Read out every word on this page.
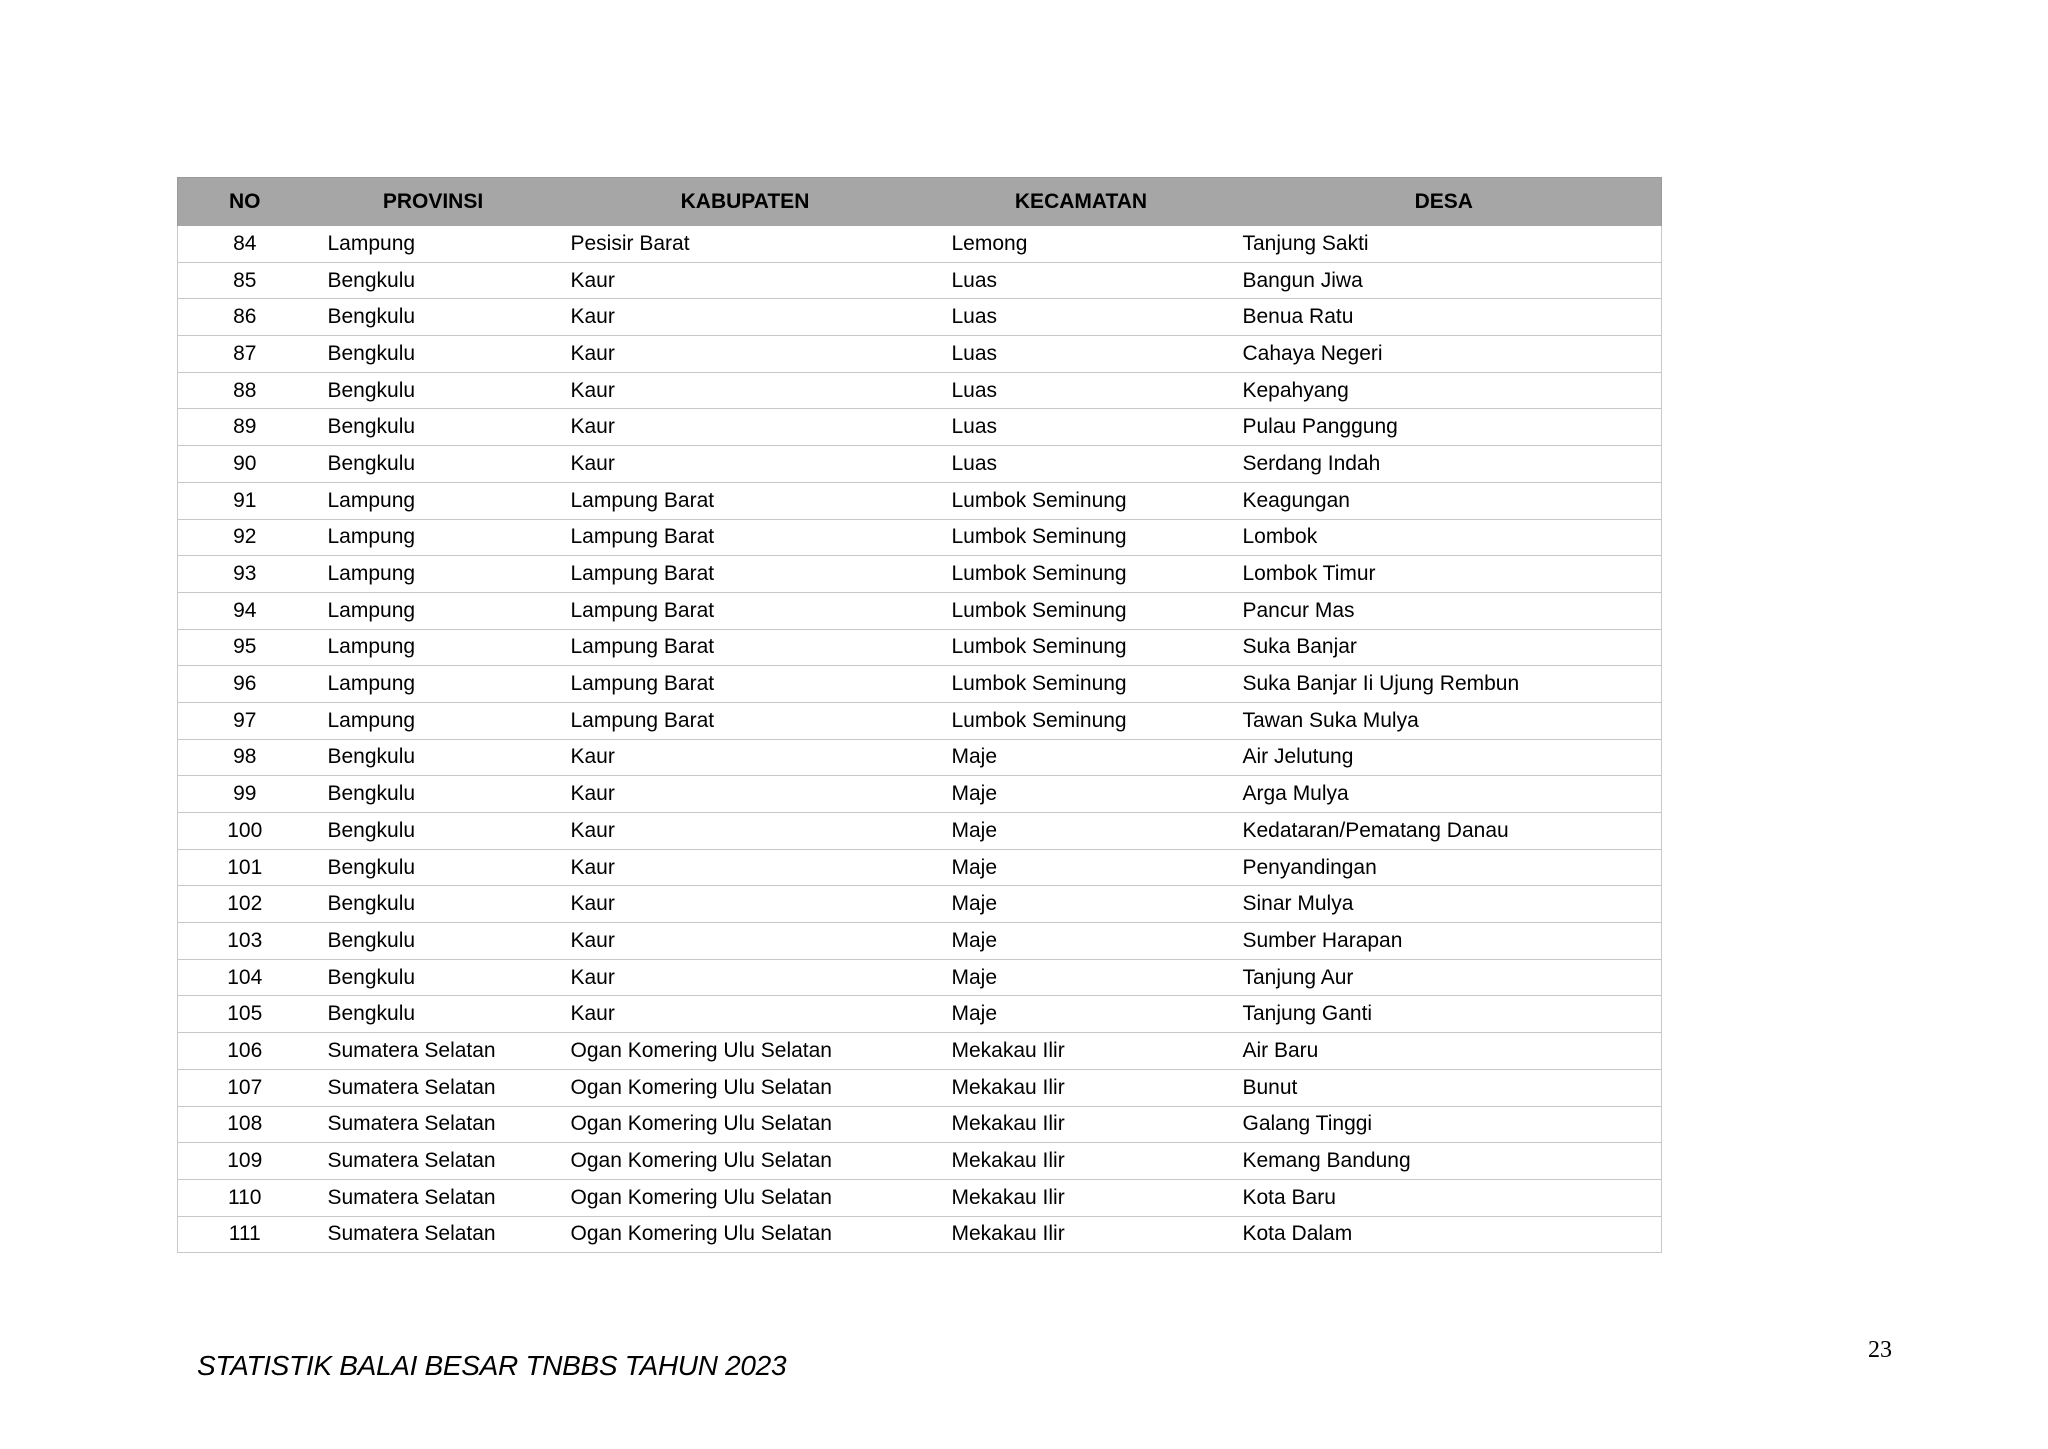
NO	PROVINSI	KABUPATEN	KECAMATAN	DESA
84	Lampung	Pesisir Barat	Lemong	Tanjung Sakti
85	Bengkulu	Kaur	Luas	Bangun Jiwa
86	Bengkulu	Kaur	Luas	Benua Ratu
87	Bengkulu	Kaur	Luas	Cahaya Negeri
88	Bengkulu	Kaur	Luas	Kepahyang
89	Bengkulu	Kaur	Luas	Pulau Panggung
90	Bengkulu	Kaur	Luas	Serdang Indah
91	Lampung	Lampung Barat	Lumbok Seminung	Keagungan
92	Lampung	Lampung Barat	Lumbok Seminung	Lombok
93	Lampung	Lampung Barat	Lumbok Seminung	Lombok Timur
94	Lampung	Lampung Barat	Lumbok Seminung	Pancur Mas
95	Lampung	Lampung Barat	Lumbok Seminung	Suka Banjar
96	Lampung	Lampung Barat	Lumbok Seminung	Suka Banjar Ii Ujung Rembun
97	Lampung	Lampung Barat	Lumbok Seminung	Tawan Suka Mulya
98	Bengkulu	Kaur	Maje	Air Jelutung
99	Bengkulu	Kaur	Maje	Arga Mulya
100	Bengkulu	Kaur	Maje	Kedataran/Pematang Danau
101	Bengkulu	Kaur	Maje	Penyandingan
102	Bengkulu	Kaur	Maje	Sinar Mulya
103	Bengkulu	Kaur	Maje	Sumber Harapan
104	Bengkulu	Kaur	Maje	Tanjung Aur
105	Bengkulu	Kaur	Maje	Tanjung Ganti
106	Sumatera Selatan	Ogan Komering Ulu Selatan	Mekakau Ilir	Air Baru
107	Sumatera Selatan	Ogan Komering Ulu Selatan	Mekakau Ilir	Bunut
108	Sumatera Selatan	Ogan Komering Ulu Selatan	Mekakau Ilir	Galang Tinggi
109	Sumatera Selatan	Ogan Komering Ulu Selatan	Mekakau Ilir	Kemang Bandung
110	Sumatera Selatan	Ogan Komering Ulu Selatan	Mekakau Ilir	Kota Baru
111	Sumatera Selatan	Ogan Komering Ulu Selatan	Mekakau Ilir	Kota Dalam
STATISTIK BALAI BESAR TNBBS TAHUN 2023	23
